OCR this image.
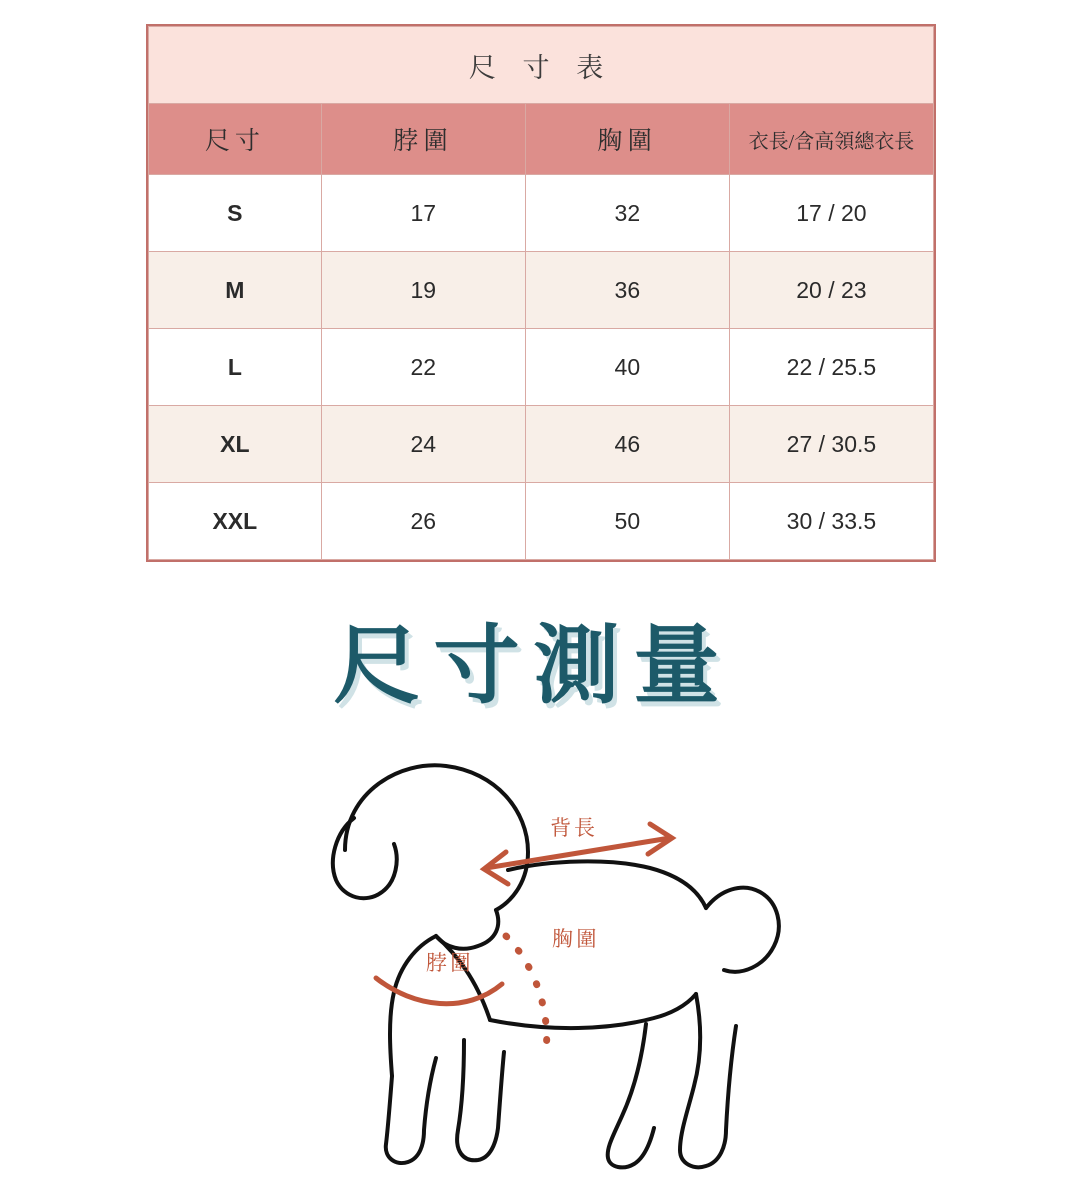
尺 寸 表			
尺寸	脖圍	胸圍	衣長/含高領總衣長
S	17	32	17 / 20
M	19	36	20 / 23
L	22	40	22 / 25.5
XL	24	46	27 / 30.5
XXL	26	50	30 / 33.5
尺寸測量
背長
脖圍
胸圍
